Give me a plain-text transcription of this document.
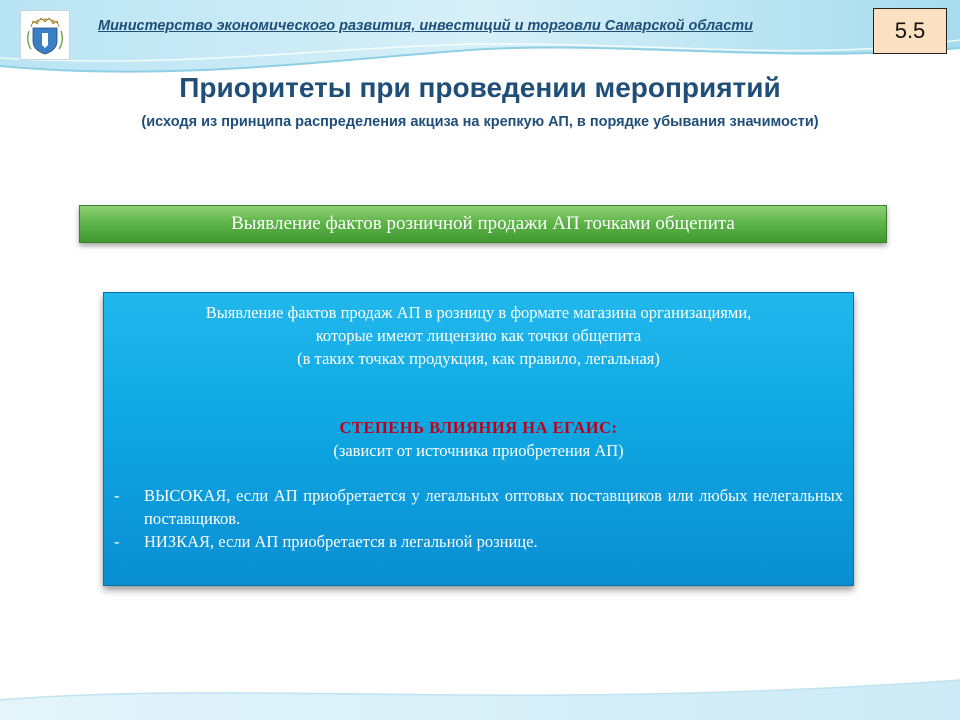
Министерство экономического развития, инвестиций и торговли Самарской области	5.5
Приоритеты при проведении мероприятий
(исходя из принципа распределения акциза на крепкую АП, в порядке убывания значимости)
Выявление фактов розничной продажи АП точками общепита
Выявление фактов продаж АП в розницу в формате магазина организациями,
которые имеют лицензию как точки общепита
(в таких точках продукция, как правило, легальная)
СТЕПЕНЬ ВЛИЯНИЯ НА ЕГАИС:
(зависит от источника приобретения АП)
- ВЫСОКАЯ, если АП приобретается у легальных оптовых поставщиков или любых нелегальных поставщиков.
- НИЗКАЯ, если АП приобретается в легальной рознице.
